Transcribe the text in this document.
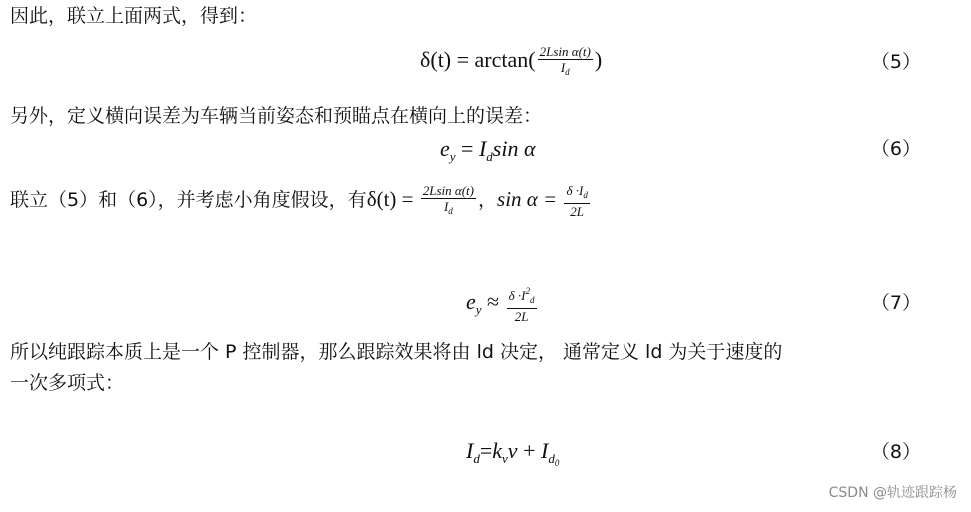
因此，联立上面两式，得到：
$\delta(t) = \arctan( \frac{\text{2Lsin α(t)}}{I_d}$ )	（5）
另外，定义横向误差为车辆当前姿态和预瞄点在横向上的误差：
$e_y = I_d\sin$ α	（6）
联立（5）和（6），并考虑小角度假设，有$\delta(t) = \frac{\text{2Lsin α(t)}}{I_d}$ ，$\sin \alpha = \frac{\delta \cdot I_d}{2L}$
$e_y \approx \frac{\delta \cdot I^2_d}{2L}$	（7）
所以纯跟踪本质上是一个 P 控制器，那么跟踪效果将由 ld 决定， 通常定义 ld 为关于速度的
一次多项式：
$I_d=k_vv + I_{d_0}$	（8）
CSDN @轨迹跟踪杨
